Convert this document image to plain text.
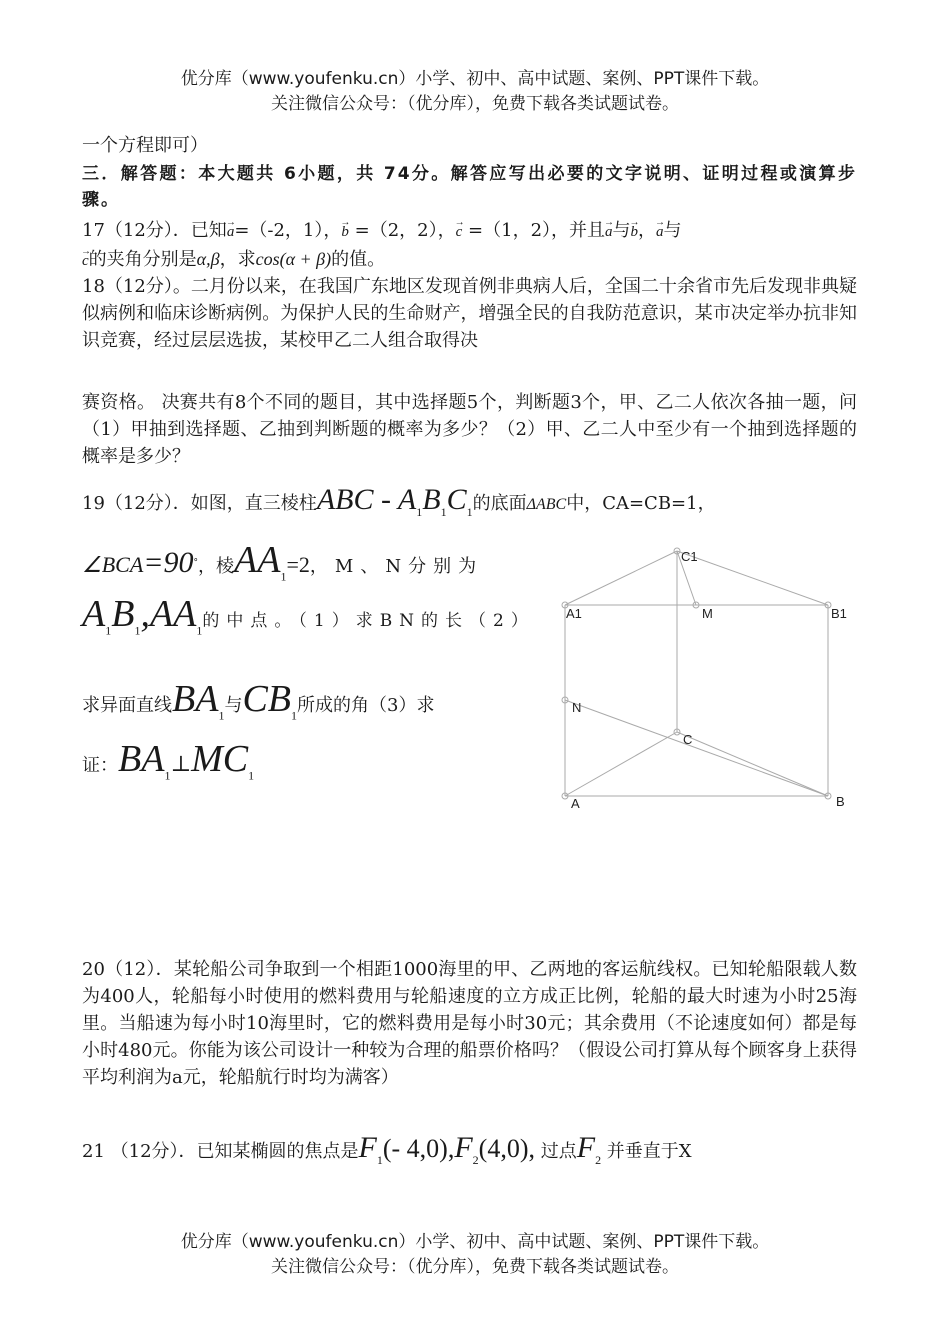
优分库（www.youfenku.cn）小学、初中、高中试题、案例、PPT课件下载。
关注微信公众号：（优分库），免费下载各类试题试卷。

一个方程即可）

三．解答题：本大题共 6小题，共 74分。解答应写出必要的文字说明、证明过程或演算步骤。

17（12分）．已知→ a=（-2，1），→ b =（2，2），→ c =（1，2），并且→ a与→ b，→ a与
→ c的夹角分别是α,β，求cos(α + β)的值。

18（12分）。二月份以来，在我国广东地区发现首例非典病人后，全国二十余省市先后发现非典疑似病例和临床诊断病例。为保护人民的生命财产，增强全民的自我防范意识，某市决定举办抗非知识竞赛，经过层层选拔，某校甲乙二人组合取得决

赛资格。 决赛共有8个不同的题目，其中选择题5个，判断题3个，甲、乙二人依次各抽一题，问（1）甲抽到选择题、乙抽到判断题的概率为多少？（2）甲、乙二人中至少有一个抽到选择题的概率是多少？

19（12分）．如图，直三棱柱ABC - $A_1B_1C_1$的底面ΔABC中，CA=CB=1，
∠BCA=90°，棱$AA_1=2$，M、N分别为
$A_1B_1,AA_1$的中点。（1）求BN的长（2）
求异面直线$BA_1$与$CB_1$所成的角（3）求
证：$BA_1\perp MC_1$
C1
A1	M	B1
N
C
A	B

20（12）．某轮船公司争取到一个相距1000海里的甲、乙两地的客运航线权。已知轮船限载人数为400人，轮船每小时使用的燃料费用与轮船速度的立方成正比例，轮船的最大时速为小时25海里。当船速为每小时10海里时，它的燃料费用是每小时30元；其余费用（不论速度如何）都是每小时480元。你能为该公司设计一种较为合理的船票价格吗？（假设公司打算从每个顾客身上获得平均利润为a元，轮船航行时均为满客）

21 （12分）．已知某椭圆的焦点是$F_1(-$ $4,0),F_2(4,0)$, 过点$F_2$ 并垂直于X
优分库（www.youfenku.cn）小学、初中、高中试题、案例、PPT课件下载。
关注微信公众号：（优分库），免费下载各类试题试卷。
